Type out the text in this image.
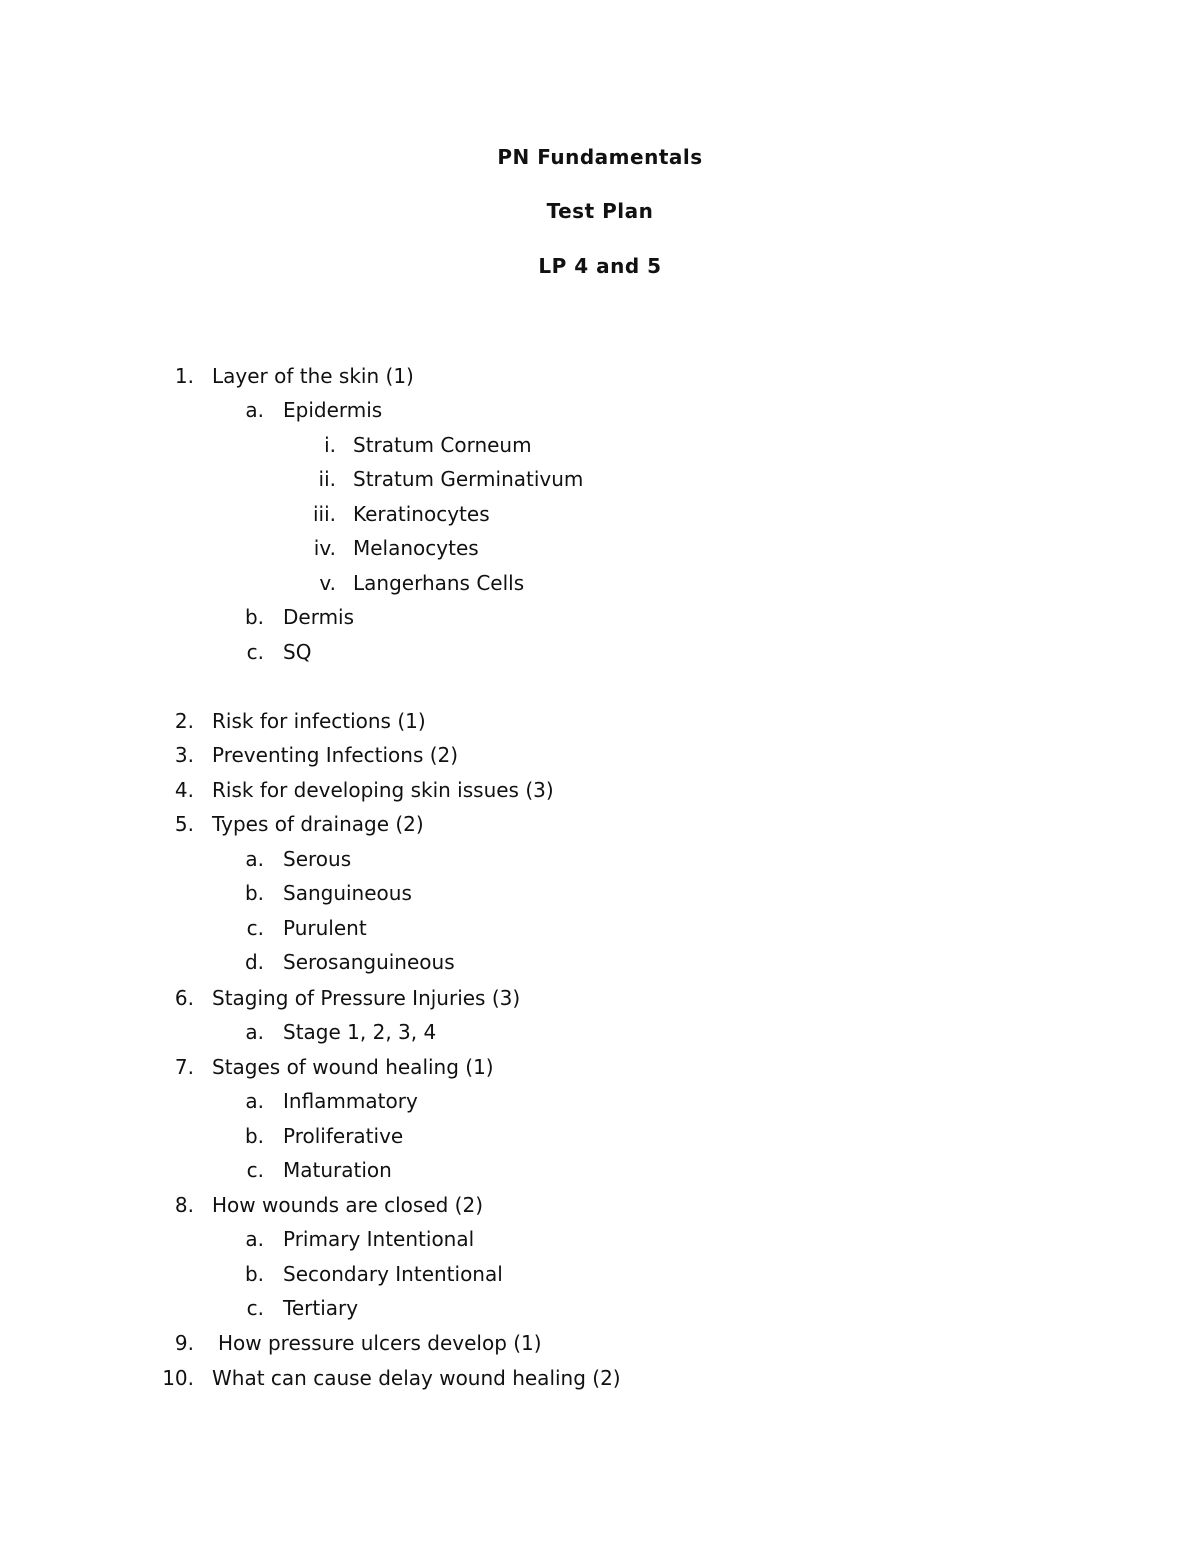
PN Fundamentals
Test Plan
LP 4 and 5
1. Layer of the skin (1)
a. Epidermis
i. Stratum Corneum
ii. Stratum Germinativum
iii. Keratinocytes
iv. Melanocytes
v. Langerhans Cells
b. Dermis
c. SQ
2. Risk for infections (1)
3. Preventing Infections (2)
4. Risk for developing skin issues (3)
5. Types of drainage (2)
a. Serous
b. Sanguineous
c. Purulent
d. Serosanguineous
6. Staging of Pressure Injuries (3)
a. Stage 1, 2, 3, 4
7. Stages of wound healing (1)
a. Inflammatory
b. Proliferative
c. Maturation
8. How wounds are closed (2)
a. Primary Intentional
b. Secondary Intentional
c. Tertiary
9. How pressure ulcers develop (1)
10. What can cause delay wound healing (2)
